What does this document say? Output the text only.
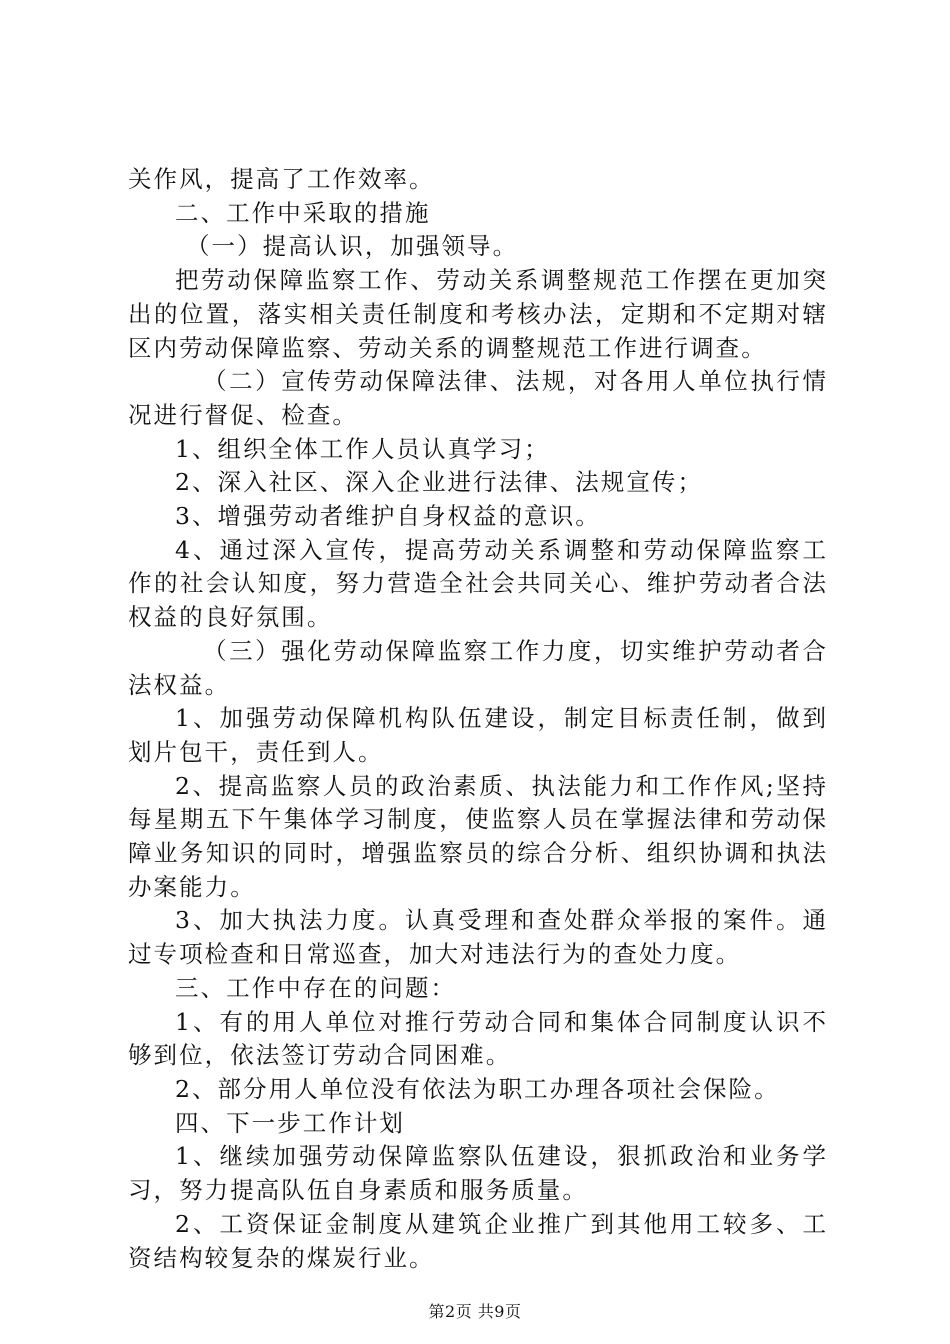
关作风，提高了工作效率。

二、工作中采取的措施

（一）提高认识，加强领导。

把劳动保障监察工作、劳动关系调整规范工作摆在更加突出的位置，落实相关责任制度和考核办法，定期和不定期对辖区内劳动保障监察、劳动关系的调整规范工作进行调查。

（二）宣传劳动保障法律、法规，对各用人单位执行情况进行督促、检查。

1、组织全体工作人员认真学习；

2、深入社区、深入企业进行法律、法规宣传；

3、增强劳动者维护自身权益的意识。

4、通过深入宣传，提高劳动关系调整和劳动保障监察工作的社会认知度，努力营造全社会共同关心、维护劳动者合法权益的良好氛围。

（三）强化劳动保障监察工作力度，切实维护劳动者合法权益。

1、加强劳动保障机构队伍建设，制定目标责任制，做到划片包干，责任到人。

2、提高监察人员的政治素质、执法能力和工作作风;坚持每星期五下午集体学习制度，使监察人员在掌握法律和劳动保障业务知识的同时，增强监察员的综合分析、组织协调和执法办案能力。

3、加大执法力度。认真受理和查处群众举报的案件。通过专项检查和日常巡查，加大对违法行为的查处力度。

三、工作中存在的问题：

1、有的用人单位对推行劳动合同和集体合同制度认识不够到位，依法签订劳动合同困难。

2、部分用人单位没有依法为职工办理各项社会保险。

四、下一步工作计划

1、继续加强劳动保障监察队伍建设，狠抓政治和业务学习，努力提高队伍自身素质和服务质量。

2、工资保证金制度从建筑企业推广到其他用工较多、工资结构较复杂的煤炭行业。

第2页 共9页
